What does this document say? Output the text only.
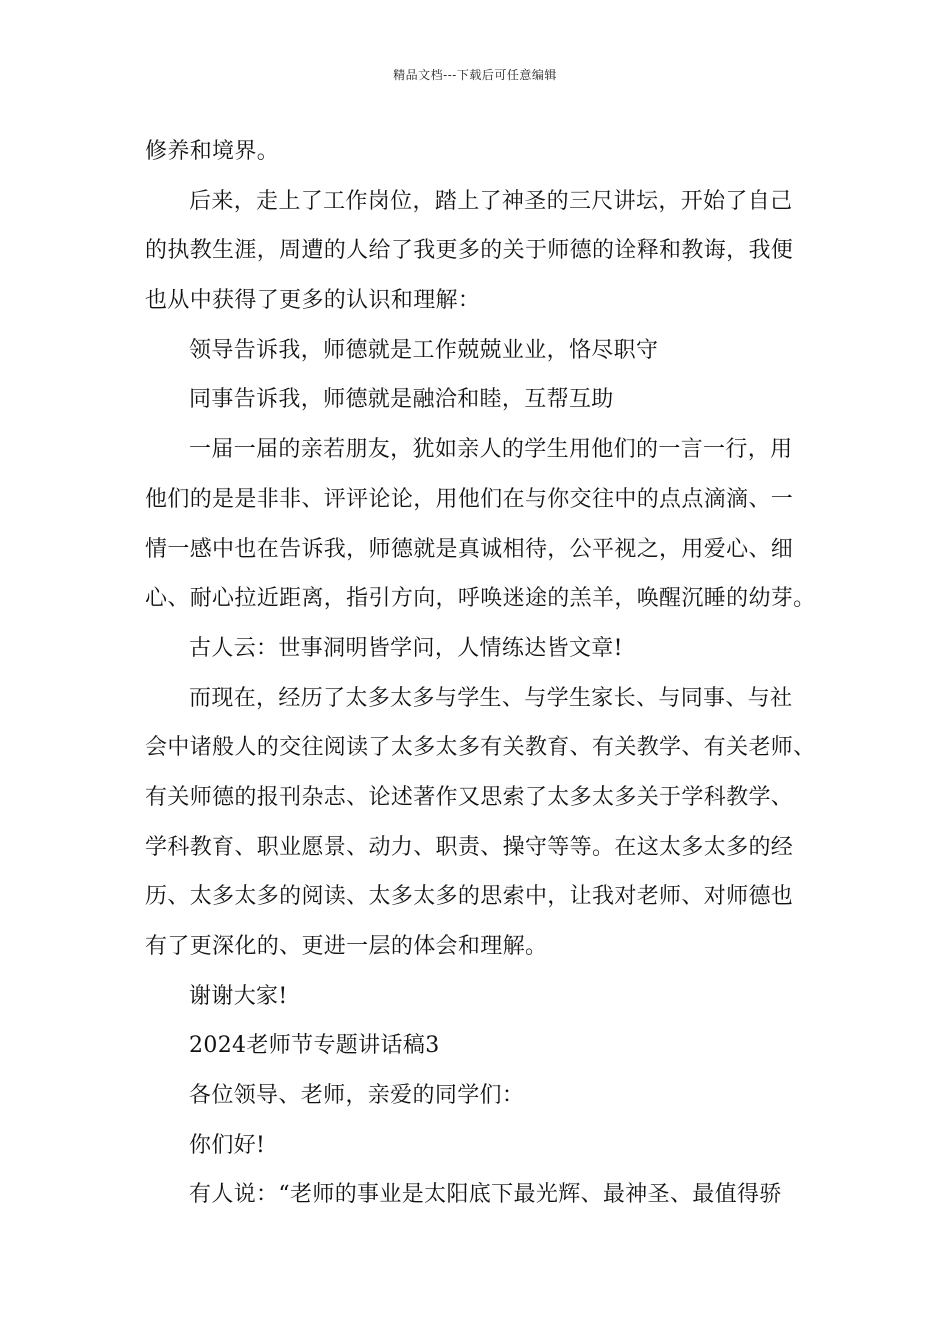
精品文档---下载后可任意编辑
修养和境界。
后来，走上了工作岗位，踏上了神圣的三尺讲坛，开始了自己
的执教生涯，周遭的人给了我更多的关于师德的诠释和教诲，我便
也从中获得了更多的认识和理解：
领导告诉我，师德就是工作兢兢业业，恪尽职守
同事告诉我，师德就是融洽和睦，互帮互助
一届一届的亲若朋友，犹如亲人的学生用他们的一言一行，用
他们的是是非非、评评论论，用他们在与你交往中的点点滴滴、一
情一感中也在告诉我，师德就是真诚相待，公平视之，用爱心、细
心、耐心拉近距离，指引方向，呼唤迷途的羔羊，唤醒沉睡的幼芽。
古人云：世事洞明皆学问，人情练达皆文章!
而现在，经历了太多太多与学生、与学生家长、与同事、与社
会中诸般人的交往阅读了太多太多有关教育、有关教学、有关老师、
有关师德的报刊杂志、论述著作又思索了太多太多关于学科教学、
学科教育、职业愿景、动力、职责、操守等等。在这太多太多的经
历、太多太多的阅读、太多太多的思索中，让我对老师、对师德也
有了更深化的、更进一层的体会和理解。
谢谢大家!
2024老师节专题讲话稿3
各位领导、老师，亲爱的同学们：
你们好!
有人说：“老师的事业是太阳底下最光辉、最神圣、最值得骄
